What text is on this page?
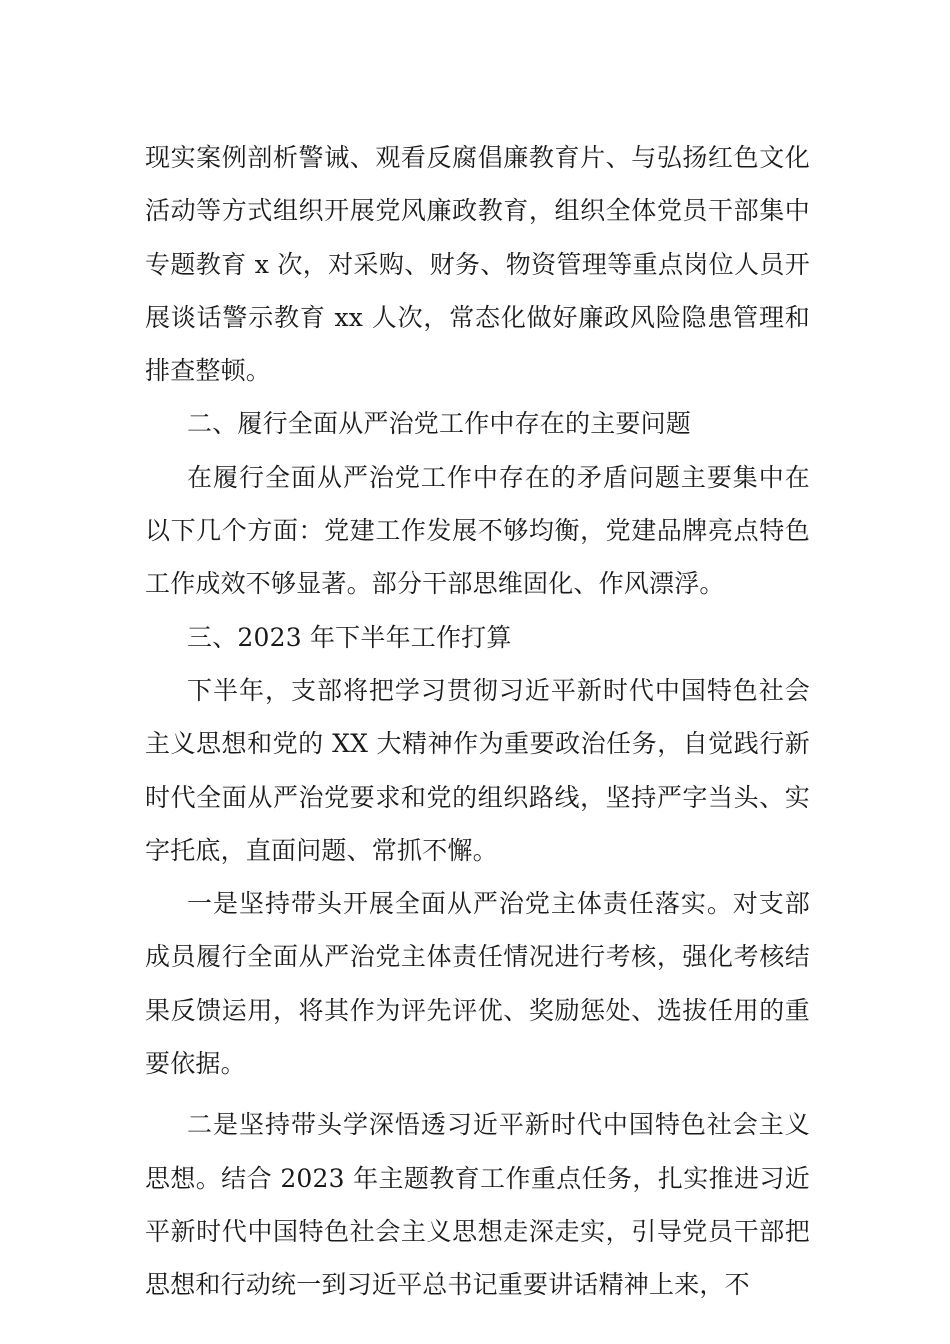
现实案例剖析警诫、观看反腐倡廉教育片、与弘扬红色文化活动等方式组织开展党风廉政教育，组织全体党员干部集中专题教育 x 次，对采购、财务、物资管理等重点岗位人员开展谈话警示教育 xx 人次，常态化做好廉政风险隐患管理和排查整顿。

二、履行全面从严治党工作中存在的主要问题

在履行全面从严治党工作中存在的矛盾问题主要集中在以下几个方面：党建工作发展不够均衡，党建品牌亮点特色工作成效不够显著。部分干部思维固化、作风漂浮。

三、2023 年下半年工作打算

下半年，支部将把学习贯彻习近平新时代中国特色社会主义思想和党的 XX 大精神作为重要政治任务，自觉践行新时代全面从严治党要求和党的组织路线，坚持严字当头、实字托底，直面问题、常抓不懈。

一是坚持带头开展全面从严治党主体责任落实。对支部成员履行全面从严治党主体责任情况进行考核，强化考核结果反馈运用，将其作为评先评优、奖励惩处、选拔任用的重要依据。

二是坚持带头学深悟透习近平新时代中国特色社会主义思想。结合 2023 年主题教育工作重点任务，扎实推进习近平新时代中国特色社会主义思想走深走实，引导党员干部把思想和行动统一到习近平总书记重要讲话精神上来，不
